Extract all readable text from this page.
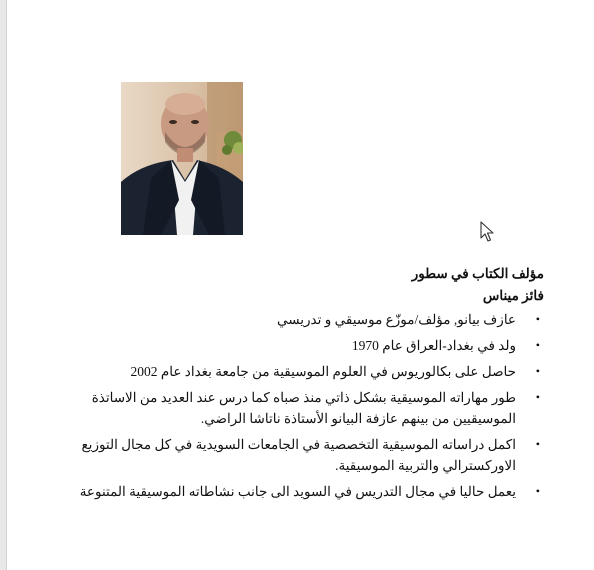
مؤلف الكتاب في سطور
فائز ميناس
•
عازف بيانو, مؤلف/موزّع موسيقي و تدريسي
•
ولد في بغداد-العراق عام 1970
•
حاصل على بكالوريوس في العلوم الموسيقية من جامعة بغداد عام 2002
•
طور مهاراته الموسيقية بشكل ذاتي منذ صباه كما درس عند العديد من الاساتذة الموسيقيين من بينهم عازفة البيانو الأستاذة ناتاشا الراضي.
•
اكمل دراساته الموسيقية التخصصية في الجامعات السويدية في كل مجال التوزيع الاوركسترالي والتربية الموسيقية.
•
يعمل حاليا في مجال التدريس في السويد الى جانب نشاطاته الموسيقية المتنوعة
